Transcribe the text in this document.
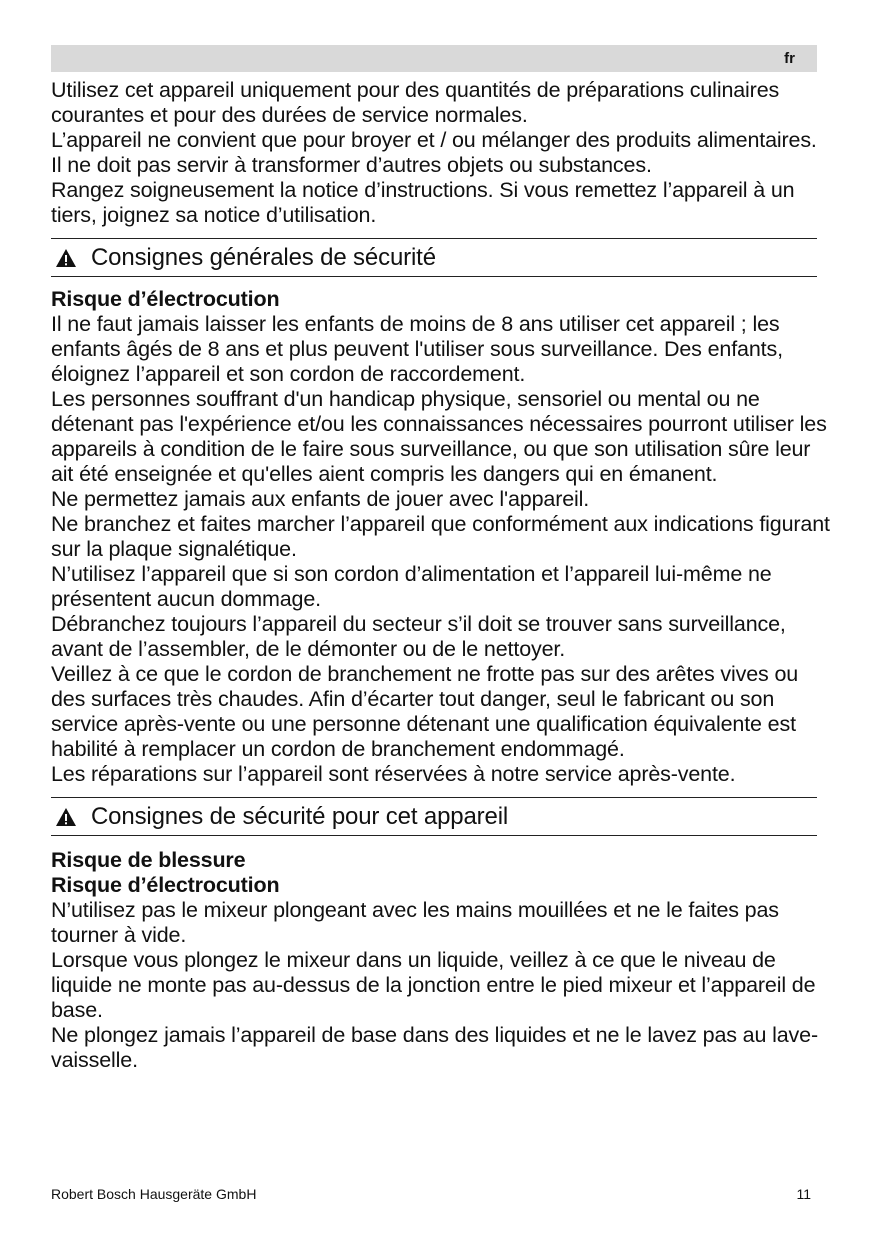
fr

Utilisez cet appareil uniquement pour des quantités de préparations culinaires courantes et pour des durées de service normales.

L’appareil ne convient que pour broyer et / ou mélanger des produits alimentaires. Il ne doit pas servir à transformer d’autres objets ou substances.

Rangez soigneusement la notice d’instructions. Si vous remettez l’appareil à un tiers, joignez sa notice d’utilisation.

Consignes générales de sécurité

Risque d’électrocution

Il ne faut jamais laisser les enfants de moins de 8 ans utiliser cet appareil ; les enfants âgés de 8 ans et plus peuvent l'utiliser sous surveillance. Des enfants, éloignez l’appareil et son cordon de raccordement.

Les personnes souffrant d'un handicap physique, sensoriel ou mental ou ne détenant pas l'expérience et/ou les connaissances nécessaires pourront utiliser les appareils à condition de le faire sous surveillance, ou que son utilisation sûre leur ait été enseignée et qu'elles aient compris les dangers qui en émanent.

Ne permettez jamais aux enfants de jouer avec l'appareil.

Ne branchez et faites marcher l’appareil que conformément aux indications figurant sur la plaque signalétique.

N’utilisez l’appareil que si son cordon d’alimentation et l’appareil lui-même ne présentent aucun dommage.

Débranchez toujours l’appareil du secteur s’il doit se trouver sans surveillance, avant de l’assembler, de le démonter ou de le nettoyer.

Veillez à ce que le cordon de branchement ne frotte pas sur des arêtes vives ou des surfaces très chaudes. Afin d’écarter tout danger, seul le fabricant ou son service après-vente ou une personne détenant une qualification équivalente est habilité à remplacer un cordon de branchement endommagé.

Les réparations sur l’appareil sont réservées à notre service après-vente.

Consignes de sécurité pour cet appareil

Risque de blessure

Risque d’électrocution

N’utilisez pas le mixeur plongeant avec les mains mouillées et ne le faites pas tourner à vide.

Lorsque vous plongez le mixeur dans un liquide, veillez à ce que le niveau de liquide ne monte pas au-dessus de la jonction entre le pied mixeur et l’appareil de base.

Ne plongez jamais l’appareil de base dans des liquides et ne le lavez pas au lave-vaisselle.

Robert Bosch Hausgeräte GmbH	11
